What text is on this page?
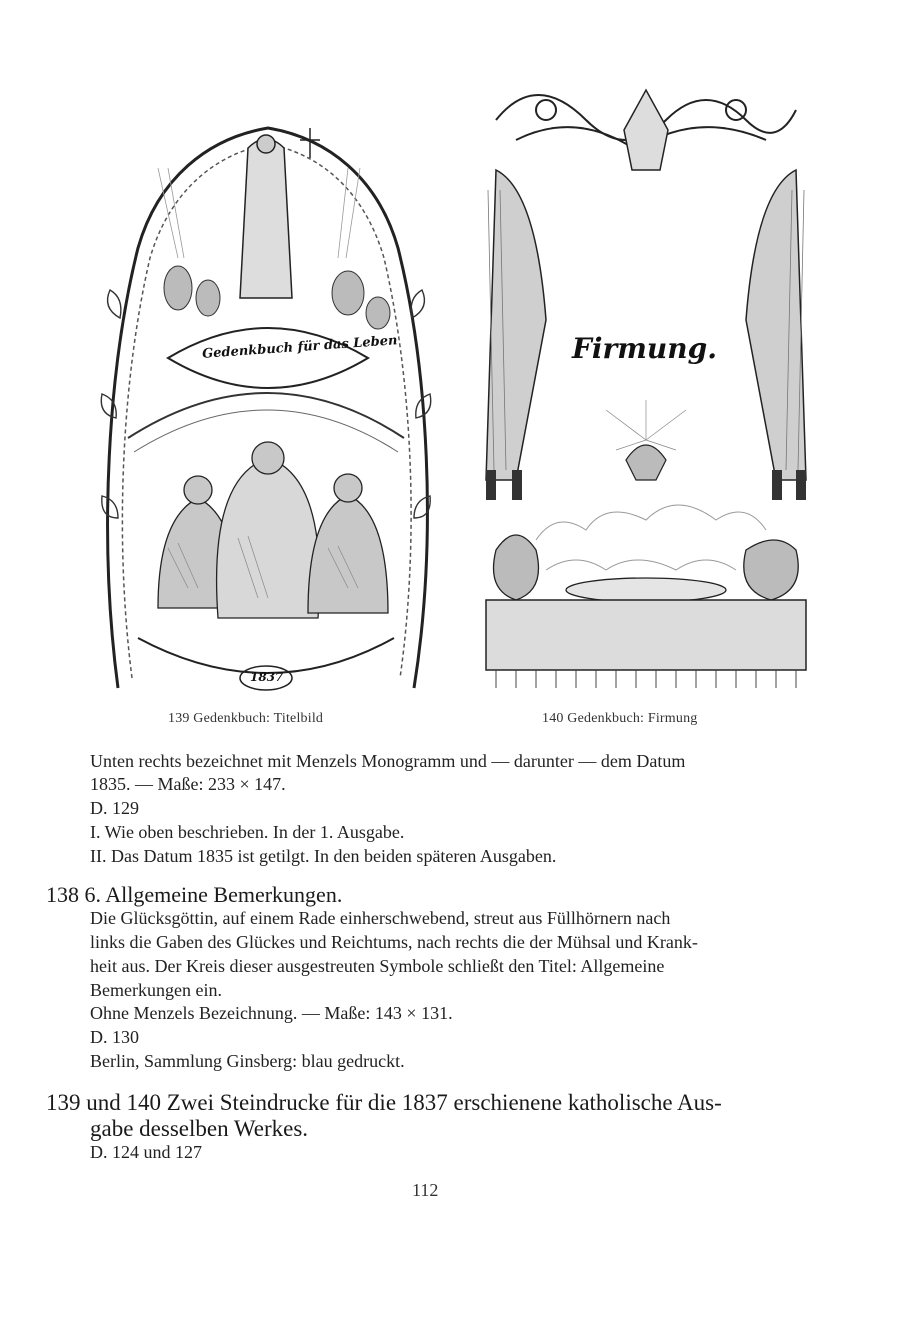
Gedenkbuch für das Leben
1837
Firmung.
139 Gedenkbuch: Titelbild	140 Gedenkbuch: Firmung
Unten rechts bezeichnet mit Menzels Monogramm und — darunter — dem Datum
1835. — Maße: 233 × 147.
D. 129
I. Wie oben beschrieben. In der 1. Ausgabe.
II. Das Datum 1835 ist getilgt. In den beiden späteren Ausgaben.
138 6. Allgemeine Bemerkungen.
Die Glücksgöttin, auf einem Rade einherschwebend, streut aus Füllhörnern nach
links die Gaben des Glückes und Reichtums, nach rechts die der Mühsal und Krank-
heit aus. Der Kreis dieser ausgestreuten Symbole schließt den Titel: Allgemeine
Bemerkungen ein.
Ohne Menzels Bezeichnung. — Maße: 143 × 131.
D. 130
Berlin, Sammlung Ginsberg: blau gedruckt.
139 und 140 Zwei Steindrucke für die 1837 erschienene katholische Aus-
gabe desselben Werkes.
D. 124 und 127
112
